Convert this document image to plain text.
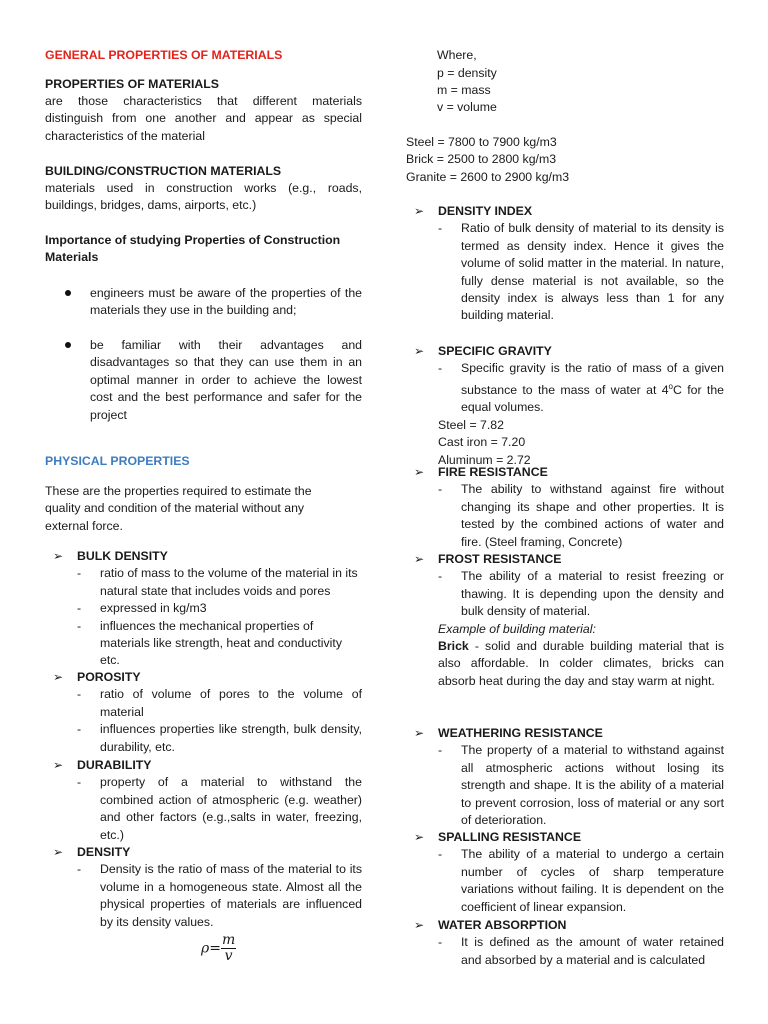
GENERAL PROPERTIES OF MATERIALS

PROPERTIES OF MATERIALS

are those characteristics that different materials distinguish from one another and appear as special characteristics of the material

BUILDING/CONSTRUCTION MATERIALS

materials used in construction works (e.g., roads, buildings, bridges, dams, airports, etc.)

Importance of studying Properties of Construction Materials

engineers must be aware of the properties of the materials they use in the building and;

be familiar with their advantages and disadvantages so that they can use them in an optimal manner in order to achieve the lowest cost and the best performance and safer for the project

PHYSICAL PROPERTIES

These are the properties required to estimate the quality and condition of the material without any external force.

➢ BULK DENSITY

- ratio of mass to the volume of the material in its natural state that includes voids and pores

- expressed in kg/m3

- influences the mechanical properties of materials like strength, heat and conductivity etc.

➢ POROSITY

- ratio of volume of pores to the volume of material

- influences properties like strength, bulk density, durability, etc.

➢ DURABILITY

- property of a material to withstand the combined action of atmospheric (e.g. weather) and other factors (e.g.,salts in water, freezing, etc.)

➢ DENSITY

- Density is the ratio of mass of the material to its volume in a homogeneous state. Almost all the physical properties of materials are influenced by its density values.

$\rho= \frac{m}{v}$

Where,

p = density

m = mass

v = volume

Steel = 7800 to 7900 kg/m3

Brick = 2500 to 2800 kg/m3

Granite = 2600 to 2900 kg/m3

➢ DENSITY INDEX

- Ratio of bulk density of material to its density is termed as density index. Hence it gives the volume of solid matter in the material. In nature, fully dense material is not available, so the density index is always less than 1 for any building material.

➢ SPECIFIC GRAVITY

- Specific gravity is the ratio of mass of a given substance to the mass of water at 4$^o$C for the equal volumes.

Steel = 7.82

Cast iron = 7.20

Aluminum = 2.72

➢ FIRE RESISTANCE

- The ability to withstand against fire without changing its shape and other properties. It is tested by the combined actions of water and fire. (Steel framing, Concrete)

➢ FROST RESISTANCE

- The ability of a material to resist freezing or thawing. It is depending upon the density and bulk density of material.

Example of building material:

Brick - solid and durable building material that is also affordable. In colder climates, bricks can absorb heat during the day and stay warm at night.

➢ WEATHERING RESISTANCE

- The property of a material to withstand against all atmospheric actions without losing its strength and shape. It is the ability of a material to prevent corrosion, loss of material or any sort of deterioration.

➢ SPALLING RESISTANCE

- The ability of a material to undergo a certain number of cycles of sharp temperature variations without failing. It is dependent on the coefficient of linear expansion.

➢ WATER ABSORPTION

- It is defined as the amount of water retained and absorbed by a material and is calculated
